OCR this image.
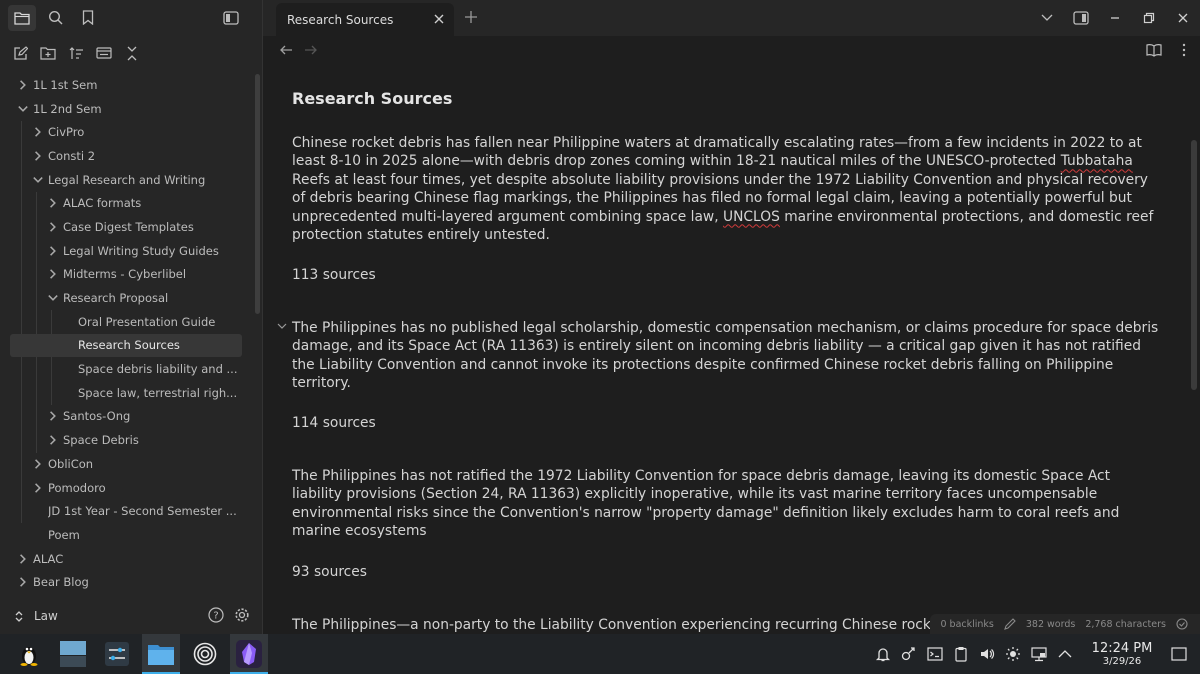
1L 1st Sem
1L 2nd Sem
CivPro
Consti 2
Legal Research and Writing
ALAC formats
Case Digest Templates
Legal Writing Study Guides
Midterms - Cyberlibel
Research Proposal
Oral Presentation Guide
Research Sources
Space debris liability and ...
Space law, terrestrial righ...
Santos-Ong
Space Debris
ObliCon
Pomodoro
JD 1st Year - Second Semester ...
Poem
ALAC
Bear Blog
Law	?
Research Sources
Research Sources
Chinese rocket debris has fallen near Philippine waters at dramatically escalating rates—from a few incidents in 2022 to at least 8-10 in 2025 alone—with debris drop zones coming within 18-21 nautical miles of the UNESCO-protected Tubbataha Reefs at least four times, yet despite absolute liability provisions under the 1972 Liability Convention and physical recovery of debris bearing Chinese flag markings, the Philippines has filed no formal legal claim, leaving a potentially powerful but unprecedented multi-layered argument combining space law, UNCLOS marine environmental protections, and domestic reef protection statutes entirely untested.
113 sources
The Philippines has no published legal scholarship, domestic compensation mechanism, or claims procedure for space debris damage, and its Space Act (RA 11363) is entirely silent on incoming debris liability — a critical gap given it has not ratified the Liability Convention and cannot invoke its protections despite confirmed Chinese rocket debris falling on Philippine territory.
114 sources
The Philippines has not ratified the 1972 Liability Convention for space debris damage, leaving its domestic Space Act liability provisions (Section 24, RA 11363) explicitly inoperative, while its vast marine territory faces uncompensable environmental risks since the Convention's narrow "property damage" definition likely excludes harm to coral reefs and marine ecosystems
93 sources
The Philippines—a non-party to the Liability Convention experiencing recurring Chinese rock 0 backlinks	382 words 2,768 characters
12:24 PM
3/29/26
